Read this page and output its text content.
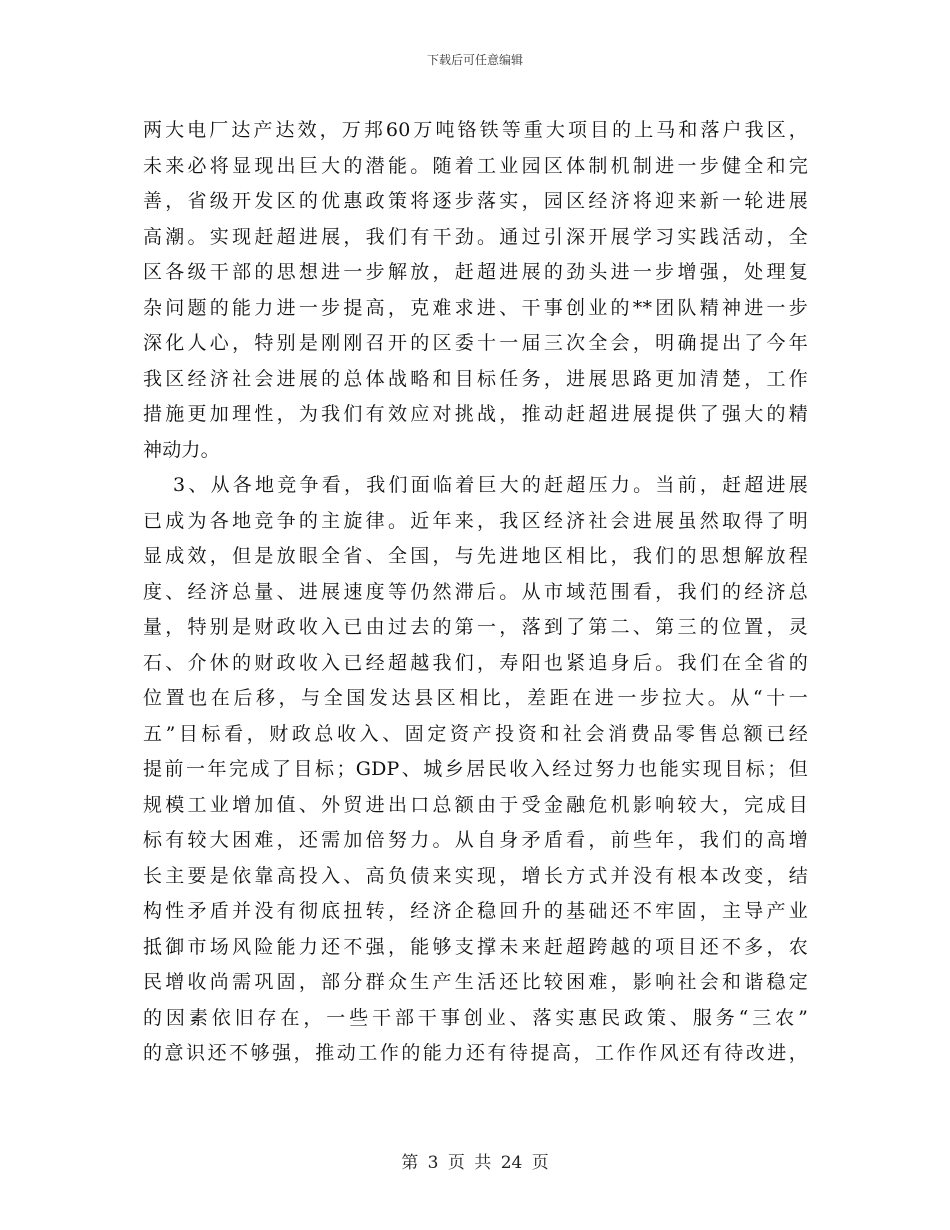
下载后可任意编辑
两大电厂达产达效，万邦60万吨铬铁等重大项目的上马和落户我区，
未来必将显现出巨大的潜能。随着工业园区体制机制进一步健全和完
善，省级开发区的优惠政策将逐步落实，园区经济将迎来新一轮进展
高潮。实现赶超进展，我们有干劲。通过引深开展学习实践活动，全
区各级干部的思想进一步解放，赶超进展的劲头进一步增强，处理复
杂问题的能力进一步提高，克难求进、干事创业的**团队精神进一步
深化人心，特别是刚刚召开的区委十一届三次全会，明确提出了今年
我区经济社会进展的总体战略和目标任务，进展思路更加清楚，工作
措施更加理性，为我们有效应对挑战，推动赶超进展提供了强大的精
神动力。
3、从各地竞争看，我们面临着巨大的赶超压力。当前，赶超进展
已成为各地竞争的主旋律。近年来，我区经济社会进展虽然取得了明
显成效，但是放眼全省、全国，与先进地区相比，我们的思想解放程
度、经济总量、进展速度等仍然滞后。从市域范围看，我们的经济总
量，特别是财政收入已由过去的第一，落到了第二、第三的位置，灵
石、介休的财政收入已经超越我们，寿阳也紧追身后。我们在全省的
位置也在后移，与全国发达县区相比，差距在进一步拉大。从“十一
五”目标看，财政总收入、固定资产投资和社会消费品零售总额已经
提前一年完成了目标；GDP、城乡居民收入经过努力也能实现目标；但
规模工业增加值、外贸进出口总额由于受金融危机影响较大，完成目
标有较大困难，还需加倍努力。从自身矛盾看，前些年，我们的高增
长主要是依靠高投入、高负债来实现，增长方式并没有根本改变，结
构性矛盾并没有彻底扭转，经济企稳回升的基础还不牢固，主导产业
抵御市场风险能力还不强，能够支撑未来赶超跨越的项目还不多，农
民增收尚需巩固，部分群众生产生活还比较困难，影响社会和谐稳定
的因素依旧存在，一些干部干事创业、落实惠民政策、服务“三农”
的意识还不够强，推动工作的能力还有待提高，工作作风还有待改进，
第 3 页 共 24 页
